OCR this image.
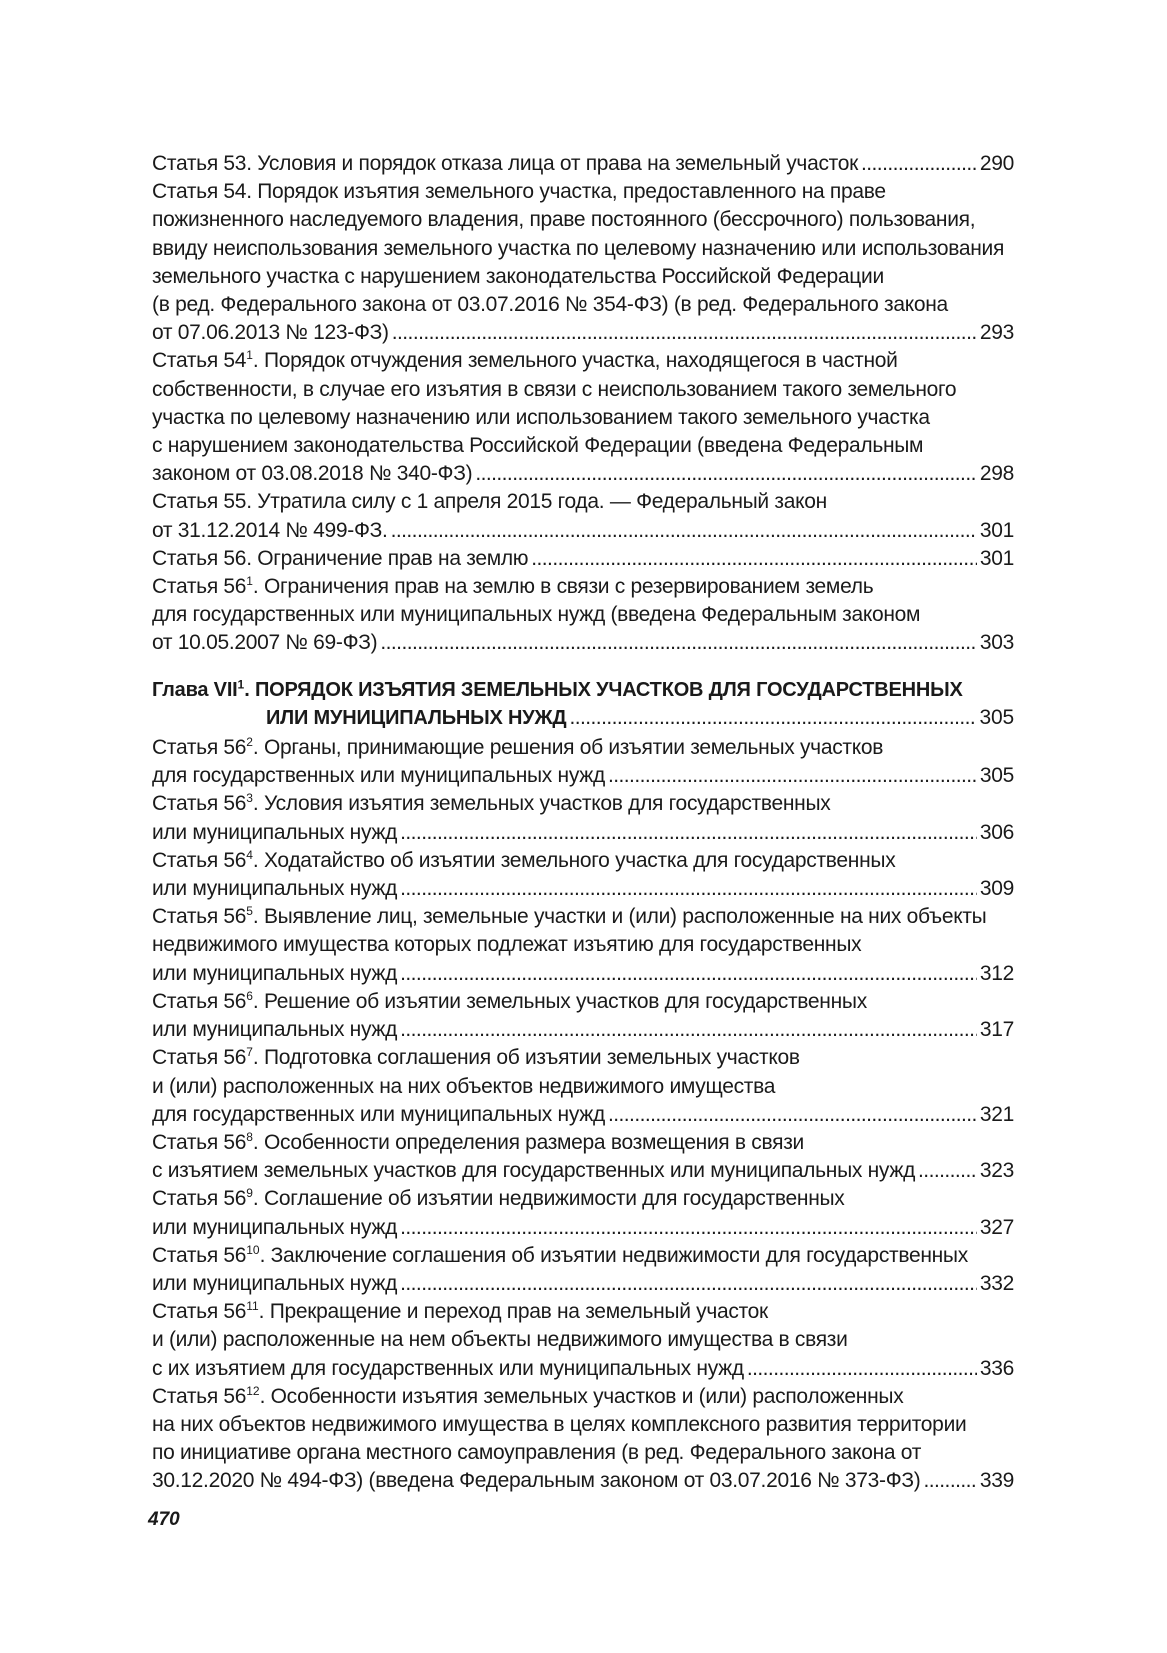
Статья 53. Условия и порядок отказа лица от права на земельный участок . . .	290
Статья 54. Порядок изъятия земельного участка, предоставленного на праве
пожизненного наследуемого владения, праве постоянного (бессрочного) пользования,
ввиду неиспользования земельного участка по целевому назначению или использования
земельного участка с нарушением законодательства Российской Федерации
(в ред. Федерального закона от 03.07.2016 № 354-ФЗ) (в ред. Федерального закона
от 07.06.2013 № 123-ФЗ) . . .	293
Статья $54^1$. Порядок отчуждения земельного участка, находящегося в частной
собственности, в случае его изъятия в связи с неиспользованием такого земельного
участка по целевому назначению или использованием такого земельного участка
с нарушением законодательства Российской Федерации (введена Федеральным
законом от 03.08.2018 № 340-ФЗ) . . .	298
Статья 55. Утратила силу с 1 апреля 2015 года. — Федеральный закон
от 31.12.2014 № 499-ФЗ. . . .	301
Статья 56. Ограничение прав на землю . . .	301
Статья $56^1$. Ограничения прав на землю в связи с резервированием земель
для государственных или муниципальных нужд (введена Федеральным законом
от 10.05.2007 № 69-ФЗ) . . .	303
Глава VII$^1$. ПОРЯДОК ИЗЪЯТИЯ ЗЕМЕЛЬНЫХ УЧАСТКОВ ДЛЯ ГОСУДАРСТВЕННЫХ
ИЛИ МУНИЦИПАЛЬНЫХ НУЖД . . .	305
Статья $56^2$. Органы, принимающие решения об изъятии земельных участков
для государственных или муниципальных нужд . . .	305
Статья $56^3$. Условия изъятия земельных участков для государственных
или муниципальных нужд . . .	306
Статья $56^4$. Ходатайство об изъятии земельного участка для государственных
или муниципальных нужд . . .	309
Статья $56^5$. Выявление лиц, земельные участки и (или) расположенные на них объекты
недвижимого имущества которых подлежат изъятию для государственных
или муниципальных нужд . . .	312
Статья $56^6$. Решение об изъятии земельных участков для государственных
или муниципальных нужд . . .	317
Статья $56^7$. Подготовка соглашения об изъятии земельных участков
и (или) расположенных на них объектов недвижимого имущества
для государственных или муниципальных нужд . . .	321
Статья $56^8$. Особенности определения размера возмещения в связи
с изъятием земельных участков для государственных или муниципальных нужд . . .	323
Статья $56^9$. Соглашение об изъятии недвижимости для государственных
или муниципальных нужд . . .	327
Статья $56^{10}$. Заключение соглашения об изъятии недвижимости для государственных
или муниципальных нужд . . .	332
Статья $56^{11}$. Прекращение и переход прав на земельный участок
и (или) расположенные на нем объекты недвижимого имущества в связи
с их изъятием для государственных или муниципальных нужд . . .	336
Статья $56^{12}$. Особенности изъятия земельных участков и (или) расположенных
на них объектов недвижимого имущества в целях комплексного развития территории
по инициативе органа местного самоуправления (в ред. Федерального закона от
30.12.2020 № 494-ФЗ) (введена Федеральным законом от 03.07.2016 № 373-ФЗ) . . .	339
470
